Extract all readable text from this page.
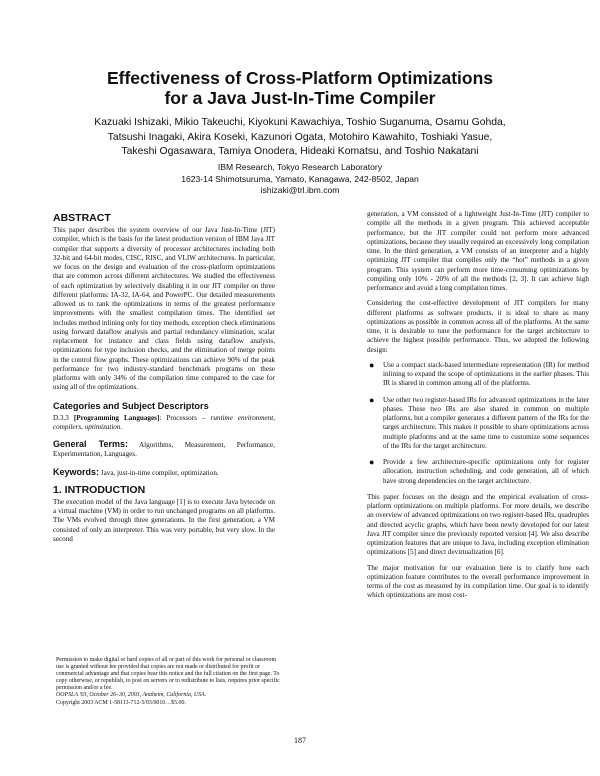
Effectiveness of Cross-Platform Optimizations
for a Java Just-In-Time Compiler
Kazuaki Ishizaki, Mikio Takeuchi, Kiyokuni Kawachiya, Toshio Suganuma, Osamu Gohda,
Tatsushi Inagaki, Akira Koseki, Kazunori Ogata, Motohiro Kawahito, Toshiaki Yasue,
Takeshi Ogasawara, Tamiya Onodera, Hideaki Komatsu, and Toshio Nakatani
IBM Research, Tokyo Research Laboratory
1623-14 Shimotsuruma, Yamato, Kanagawa, 242-8502, Japan
ishizaki@trl.ibm.com
ABSTRACT

This paper describes the system overview of our Java Just-In-Time (JIT) compiler, which is the basis for the latest production version of IBM Java JIT compiler that supports a diversity of processor architectures including both 32-bit and 64-bit modes, CISC, RISC, and VLIW architectures. In particular, we focus on the design and evaluation of the cross-platform optimizations that are common across different architectures. We studied the effectiveness of each optimization by selectively disabling it in our JIT compiler on three different platforms: IA-32, IA-64, and PowerPC. Our detailed measurements allowed us to rank the optimizations in terms of the greatest performance improvements with the smallest compilation times. The identified set includes method inlining only for tiny methods, exception check eliminations using forward dataflow analysis and partial redundancy elimination, scalar replacement for instance and class fields using dataflow analysis, optimizations for type inclusion checks, and the elimination of merge points in the control flow graphs. These optimizations can achieve 90% of the peak performance for two industry-standard benchmark programs on these platforms with only 34% of the compilation time compared to the case for using all of the optimizations.

Categories and Subject Descriptors

D.3.3 [Programming Languages]: Processors – runtime environment, compilers, optimization.

General Terms: Algorithms, Measurement, Performance, Experimentation, Languages.

Keywords: Java, just-in-time compiler, optimization.

1. INTRODUCTION

The execution model of the Java language [1] is to execute Java bytecode on a virtual machine (VM) in order to run unchanged programs on all platforms. The VMs evolved through three generations. In the first generation, a VM consisted of only an interpreter. This was very portable, but very slow. In the second

Permission to make digital or hard copies of all or part of this work for personal or classroom use is granted without fee provided that copies are not made or distributed for profit or commercial advantage and that copies bear this notice and the full citation on the first page. To copy otherwise, or republish, to post on servers or to redistribute to lists, requires prior specific permission and/or a fee.

OOPSLA '03, October 26–30, 2003, Anaheim, California, USA.

Copyright 2003 ACM 1-58113-712-5/03/0010…$5.00.

generation, a VM consisted of a lightweight Just-In-Time (JIT) compiler to compile all the methods in a given program. This achieved acceptable performance, but the JIT compiler could not perform more advanced optimizations, because they usually required an excessively long compilation time. In the third generation, a VM consists of an interpreter and a highly optimizing JIT compiler that compiles only the “hot” methods in a given program. This system can perform more time-consuming optimizations by compiling only 10% - 20% of all the methods [2, 3]. It can achieve high performance and avoid a long compilation times.

Considering the cost-effective development of JIT compilers for many different platforms as software products, it is ideal to share as many optimizations as possible in common across all of the platforms. At the same time, it is desirable to tune the performance for the target architecture to achieve the highest possible performance. Thus, we adopted the following design:

● Use a compact stack-based intermediate representation (IR) for method inlining to expand the scope of optimizations in the earlier phases. This IR is shared in common among all of the platforms.
● Use other two register-based IRs for advanced optimizations in the later phases. These two IRs are also shared in common on multiple platforms, but a compiler generates a different pattern of the IRs for the target architecture. This makes it possible to share optimizations across multiple platforms and at the same time to customize some sequences of the IRs for the target architecture.
● Provide a few architecture-specific optimizations only for register allocation, instruction scheduling, and code generation, all of which have strong dependencies on the target architecture.

This paper focuses on the design and the empirical evaluation of cross-platform optimizations on multiple platforms. For more details, we describe an overview of advanced optimizations on two register-based IRs, quadruples and directed acyclic graphs, which have been newly developed for our latest Java JIT compiler since the previously reported version [4]. We also describe optimization features that are unique to Java, including exception elimination optimizations [5] and direct devirtualization [6].

The major motivation for our evaluation here is to clarify how each optimization feature contributes to the overall performance improvement in terms of the cost as measured by its compilation time. Our goal is to identify which optimizations are most cost-

187
